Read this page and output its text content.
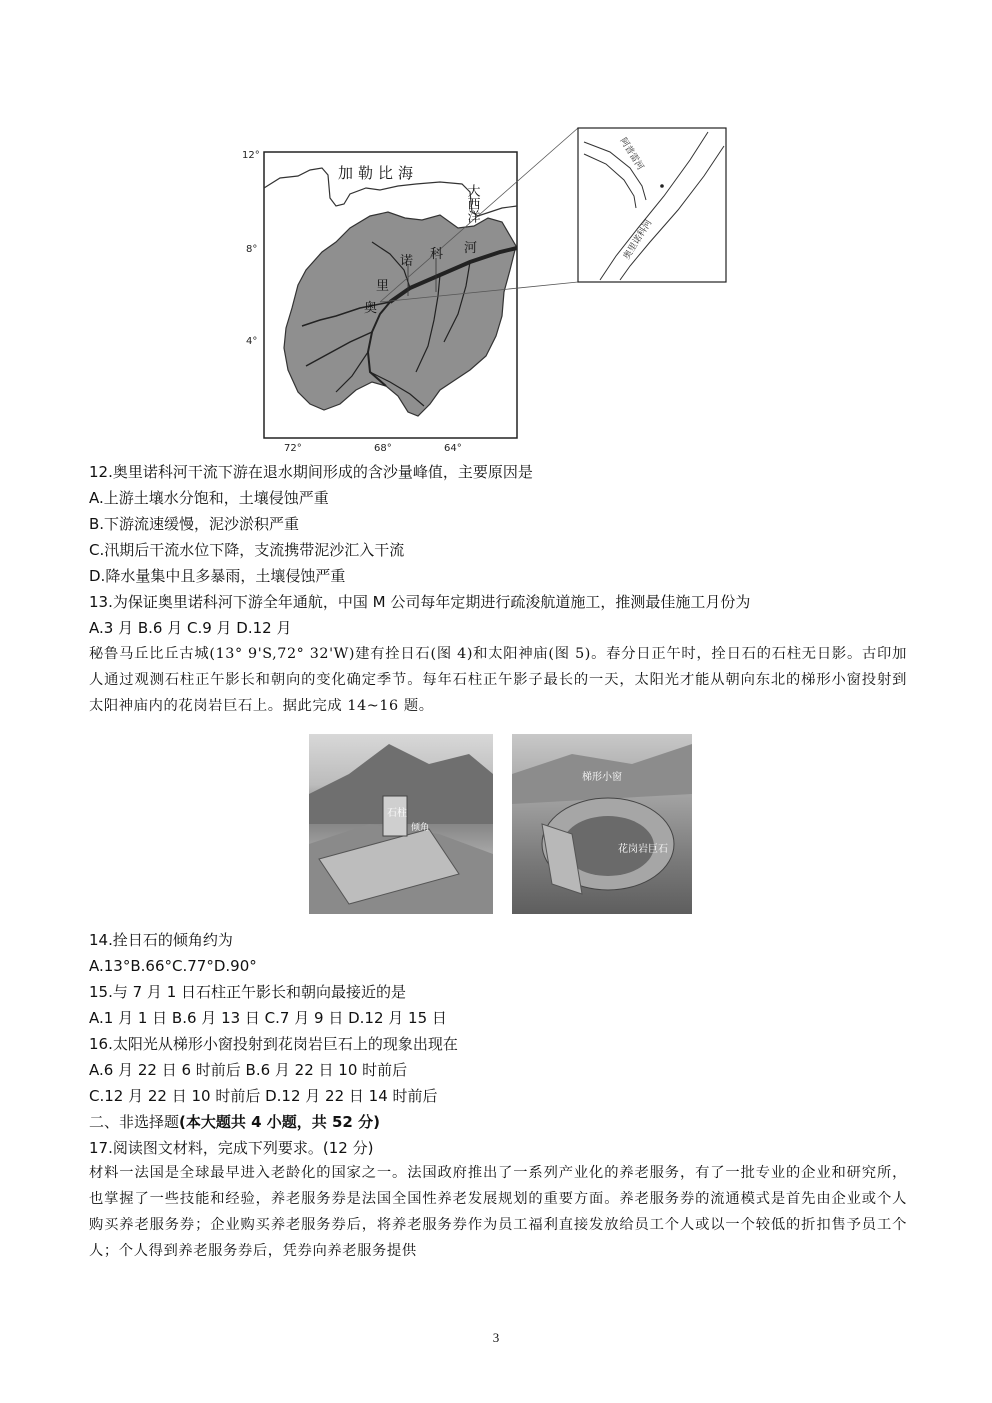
12°
8°
4°
72°	68°	64°
加勒比海
大西洋
诺 科 河
里
奥
阿普雷河
奥里诺科河
12.奥里诺科河干流下游在退水期间形成的含沙量峰值，主要原因是
A.上游土壤水分饱和，土壤侵蚀严重
B.下游流速缓慢，泥沙淤积严重
C.汛期后干流水位下降，支流携带泥沙汇入干流
D.降水量集中且多暴雨，土壤侵蚀严重
13.为保证奥里诺科河下游全年通航，中国 M 公司每年定期进行疏浚航道施工，推测最佳施工月份为
A.3 月 B.6 月 C.9 月 D.12 月
秘鲁马丘比丘古城(13° 9'S,72° 32'W)建有拴日石(图 4)和太阳神庙(图 5)。春分日正午时，拴日石的石柱无日影。古印加人通过观测石柱正午影长和朝向的变化确定季节。每年石柱正午影子最长的一天，太阳光才能从朝向东北的梯形小窗投射到太阳神庙内的花岗岩巨石上。据此完成 14~16 题。
石柱
倾角
梯形小窗
花岗岩巨石
14.拴日石的倾角约为
A.13°B.66°C.77°D.90°
15.与 7 月 1 日石柱正午影长和朝向最接近的是
A.1 月 1 日 B.6 月 13 日 C.7 月 9 日 D.12 月 15 日
16.太阳光从梯形小窗投射到花岗岩巨石上的现象出现在
A.6 月 22 日 6 时前后 B.6 月 22 日 10 时前后
C.12 月 22 日 10 时前后 D.12 月 22 日 14 时前后
二、非选择题(本大题共 4 小题，共 52 分)
17.阅读图文材料，完成下列要求。(12 分)
材料一法国是全球最早进入老龄化的国家之一。法国政府推出了一系列产业化的养老服务，有了一批专业的企业和研究所，也掌握了一些技能和经验，养老服务券是法国全国性养老发展规划的重要方面。养老服务券的流通模式是首先由企业或个人购买养老服务券；企业购买养老服务券后，将养老服务券作为员工福利直接发放给员工个人或以一个较低的折扣售予员工个人；个人得到养老服务券后，凭券向养老服务提供
3
